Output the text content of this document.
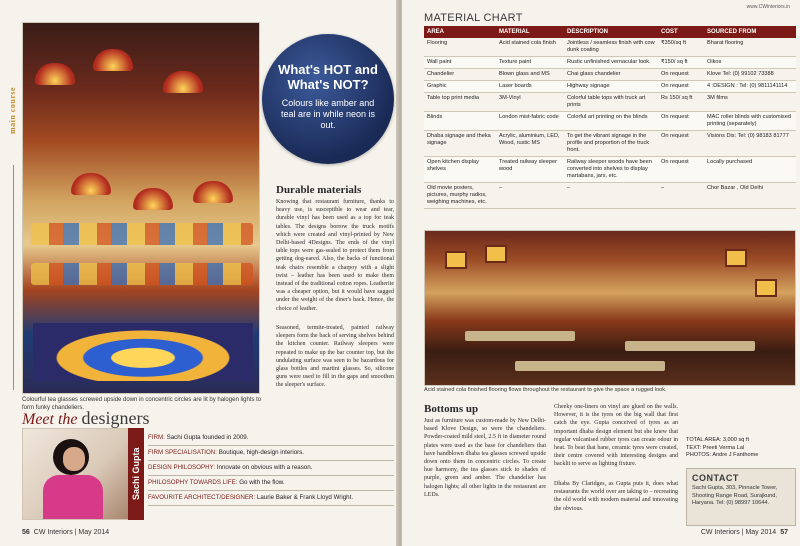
main course
What's HOT and What's NOT?

Colours like amber and teal are in while neon is out.

Durable materials
Knowing that restaurant furniture, thanks to heavy use, is susceptible to wear and tear, durable vinyl has been used as a top for teak tables. The designs borrow the truck motifs which were created and vinyl-printed by New Delhi-based 4Designs. The ends of the vinyl table tops were gas-sealed to protect them from getting dog-eared. Also, the backs of functional teak chairs resemble a charpoy with a slight twist – leather has been used to make them instead of the traditional cotton ropes. Leatherite was a cheaper option, but it would have sagged under the weight of the diner's back. Hence, the choice of leather.
Seasoned, termite-treated, painted railway sleepers form the back of serving shelves behind the kitchen counter. Railway sleepers were repeated to make up the bar counter top, but the undulating surface was seen to be hazardous for glass bottles and martini glasses. So, silicone guns were used to fill in the gaps and smoothen the sleeper's surface.
Colourful tea glasses screwed upside down in concentric circles are lit by halogen lights to form funky chandeliers.
Meet the designers
Sachi Gupta
FIRM: Sachi Gupta founded in 2009.
FIRM SPECIALISATION: Boutique, high-design interiors.
DESIGN PHILOSOPHY: Innovate on obvious with a reason.
PHILOSOPHY TOWARDS LIFE: Go with the flow.
FAVOURITE ARCHITECT/DESIGNER: Laurie Baker & Frank Lloyd Wright.
56 CW Interiors | May 2014
www.CWinteriors.in
MATERIAL CHART
AREA	MATERIAL	DESCRIPTION	COST	SOURCED FROM
Flooring	Acid stained cola finish	Jointless / seamless finish with cow dunk coating	₹350/sq ft	Bharat flooring
Wall paint	Texture paint	Rustic unfinished vernacular look.	₹150/ sq ft	Oikos
Chandelier	Blown glass and MS	Chai glass chandelier	On request	Klove Tel: (0) 99102 73388
Graphic	Laser boards	Highway signage	On request	4 :DESIGN : Tel: (0) 9811141114
Table top print media	3M-Vinyl	Colorful table tops with truck art prints	Rs 150/ sq ft	3M films
Blinds	London mist-fabric code	Colorful art printing on the blinds	On request	MAC roller blinds with customised printing (separately)
Dhaba signage and theka signage	Acrylic, aluminium, LED, Wood, rustic MS	To get the vibrant signage in the profile and proportion of the truck front.	On request	Visions Dis: Tel: (0) 98183 81777
Open kitchen display shelves	Treated railway sleeper wood	Railway sleeper woods have been converted into shelves to display martabans, jars, etc.	On request	Locally purchased
Old movie posters, pictures, murphy radios, weighing machines, etc.	–	–	–	Chor Bazar , Old Delhi
Acid stained cola finished flooring flows throughout the restaurant to give the space a rugged look.
Bottoms up
Just as furniture was custom-made by New Delhi-based Klove Design, so were the chandeliers. Powder-coated mild steel, 2.5 ft in diameter round plates were used as the base for chandeliers that have handblown dhaba tea glasses screwed upside down onto them in concentric circles. To create hue harmony, the tea glasses stick to shades of purple, green and amber. The chandelier has halogen lights; all other lights in the restaurant are LEDs.
Cheeky one-liners on vinyl are glued on the walls. However, it is the tyres on the big wall that first catch the eye. Gupta conceived of tyres as an important dhaba design element but she knew that regular vulcanised rubber tyres can create odour in heat. To beat that bane, ceramic tyres were created, their centre covered with interesting designs and backlit to serve as lighting fixture.
Dhaba By Claridges, as Gupta puts it, does what restaurants the world over are taking to – recreating the old world with modern material and innovating the obvious.
TOTAL AREA: 3,000 sq ft
TEXT: Preeti Verma Lal
PHOTOS: Andre J Fanthome
CONTACT

Sachi Gupta, 303, Pinnacle Tower,

Shooting Range Road, Surajkund,

Haryana. Tel: (0) 98997 10644.

CW Interiors | May 2014 57
